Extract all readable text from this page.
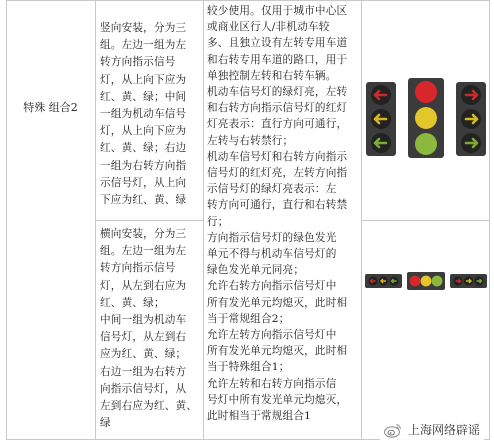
特殊 组合2
竖向安装，分为三
组。左边一组为左
转方向指示信号
灯，从上向下应为
红、黄、绿；中间
一组为机动车信号
灯，从上向下应为
红、黄、绿；右边
一组为右转方向指
示信号灯，从上向
下应为红、黄、绿
横向安装，分为三
组。左边一组为左
转方向指示信号
灯，从左到右应为
红、黄、绿；
中间一组为机动车
信号灯，从左到右
应为红、黄、绿；
右边一组为右转方
向指示信号灯，从
左到右应为红、黄、
绿
较少使用。仅用于城市中心区
或商业区行人/非机动车较
多、且独立设有左转专用车道
和右转专用车道的路口，用于
单独控制左转和右转车辆。
机动车信号灯的绿灯亮，左转
和右转方向指示信号灯的红灯
灯亮表示：直行方向可通行，
左转与右转禁行；
机动车信号灯和右转方向指示
信号灯的红灯亮，左转方向指
示信号灯的绿灯亮表示：左
转方向可通行，直行和右转禁
行；
方向指示信号灯的绿色发光
单元不得与机动车信号灯的
绿色发光单元同亮；
允许右转方向指示信号灯中
所有发光单元均熄灭，此时相
当于常规组合2；
允许左转方向指示信号灯中
所有发光单元均熄灭，此时相
当于特殊组合1；
允许左转和右转方向指示信
号灯中所有发光单元均熄灭，
此时相当于常规组合1
上海网络辟谣
